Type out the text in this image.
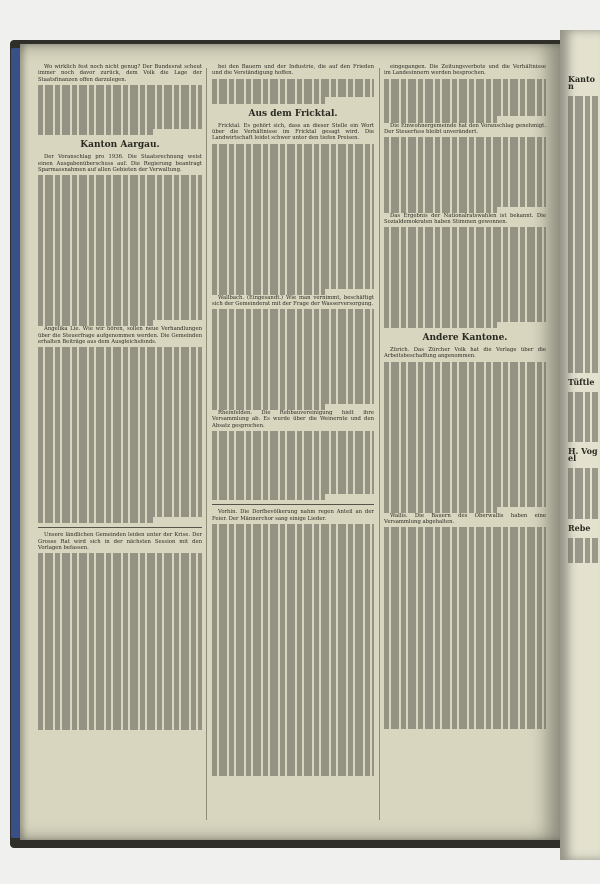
Wo wirklich fest noch nicht genug? Der Bundesrat scheut immer noch davor zurück, dem Volk die Lage der Staatsfinanzen offen darzulegen.

Kanton Aargau.

Der Voranschlag pro 1936. Die Staatsrechnung weist einen Ausgabenüberschuss auf. Die Regierung beantragt Sparmassnahmen auf allen Gebieten der Verwaltung.

Angelika Lie. Wie wir hören, sollen neue Verhandlungen über die Steuerfrage aufgenommen werden. Die Gemeinden erhalten Beiträge aus dem Ausgleichsfonds.

Unsere ländlichen Gemeinden leiden unter der Krise. Der Grosse Rat wird sich in der nächsten Session mit den Vorlagen befassen.

bei den Bauern und der Industrie, die auf den Frieden und die Verständigung hoffen.

Aus dem Fricktal.

Fricktal. Es gehört sich, dass an dieser Stelle ein Wort über die Verhältnisse im Fricktal gesagt wird. Die Landwirtschaft leidet schwer unter den tiefen Preisen.

Wallbach. (Eingesandt.) Wie man vernimmt, beschäftigt sich der Gemeinderat mit der Frage der Wasserversorgung.

Rheinfelden. Die Rebbauvereinigung hielt ihre Versammlung ab. Es wurde über die Weinernte und den Absatz gesprochen.

Vorhin. Die Dorfbevölkerung nahm regen Anteil an der Feier. Der Männerchor sang einige Lieder.

eingegangen. Die Zeitungsverbote und die Verhältnisse im Landesinnern werden besprochen.

Die Einwohnergemeinde hat den Voranschlag genehmigt. Der Steuerfuss bleibt unverändert.

Das Ergebnis der Nationalratswahlen ist bekannt. Die Sozialdemokraten haben Stimmen gewonnen.

Andere Kantone.

Zürich. Das Zürcher Volk hat die Vorlage über die Arbeitsbeschaffung angenommen.

Wallis. Die Bauern des Oberwallis haben eine Versammlung abgehalten.

Kanton
Tüftle
H. Vogel
Rebe
